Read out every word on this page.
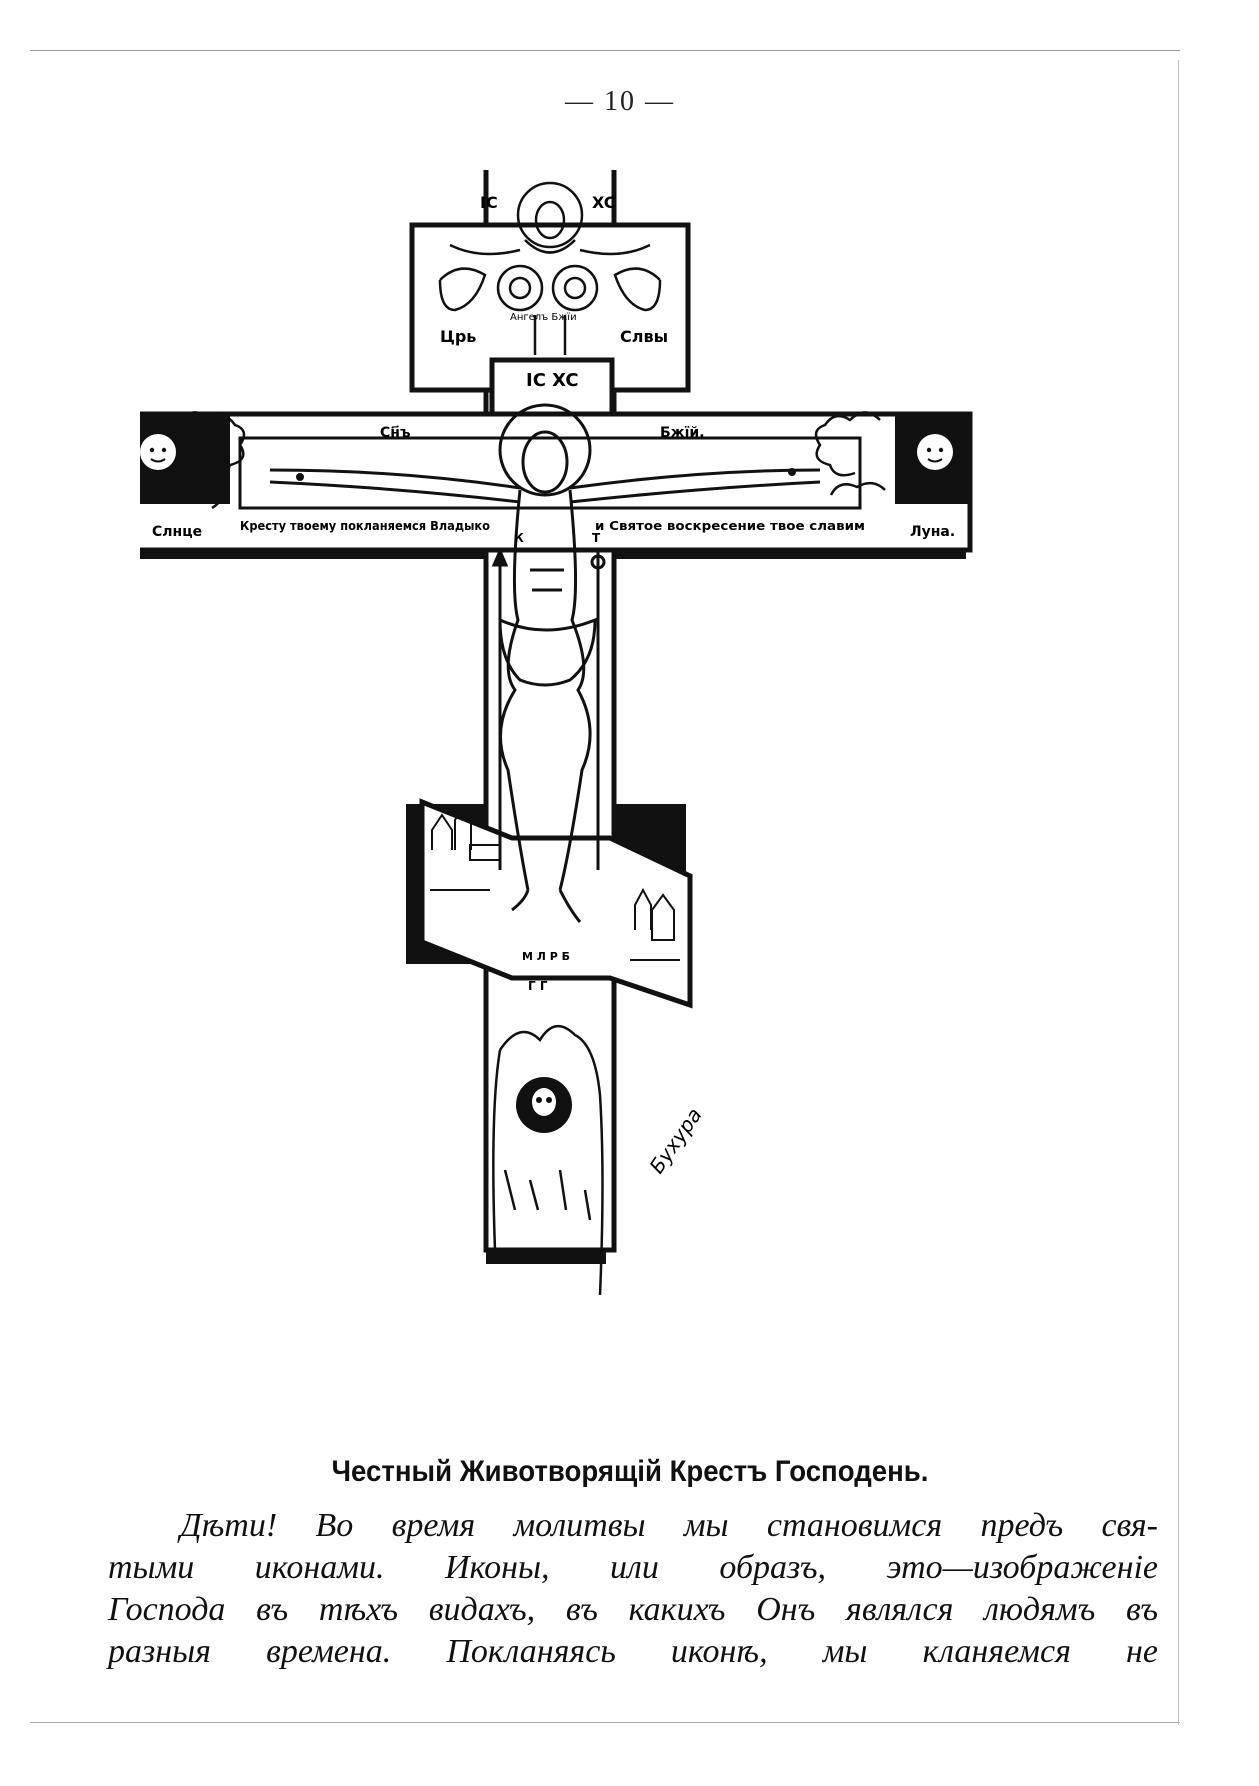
— 10 —
IC	XC
Ангелъ Бжїи
Црь	Слвы
IC XC
Сн҃ъ	Бжїй.
Слнце	Луна.
Кресту твоему покланяемся Владыко	и Святое воскресение твое славим
К	Т
М Л Р Б
Г Г
Бухура
Честный Животворящій Крестъ Господень.
Дѣти! Во время молитвы мы становимся предъ свя-
тыми иконами. Иконы, или образъ, это—изображеніе
Господа въ тѣхъ видахъ, въ какихъ Онъ являлся людямъ въ
разныя времена. Покланяясь иконѣ, мы кланяемся не
